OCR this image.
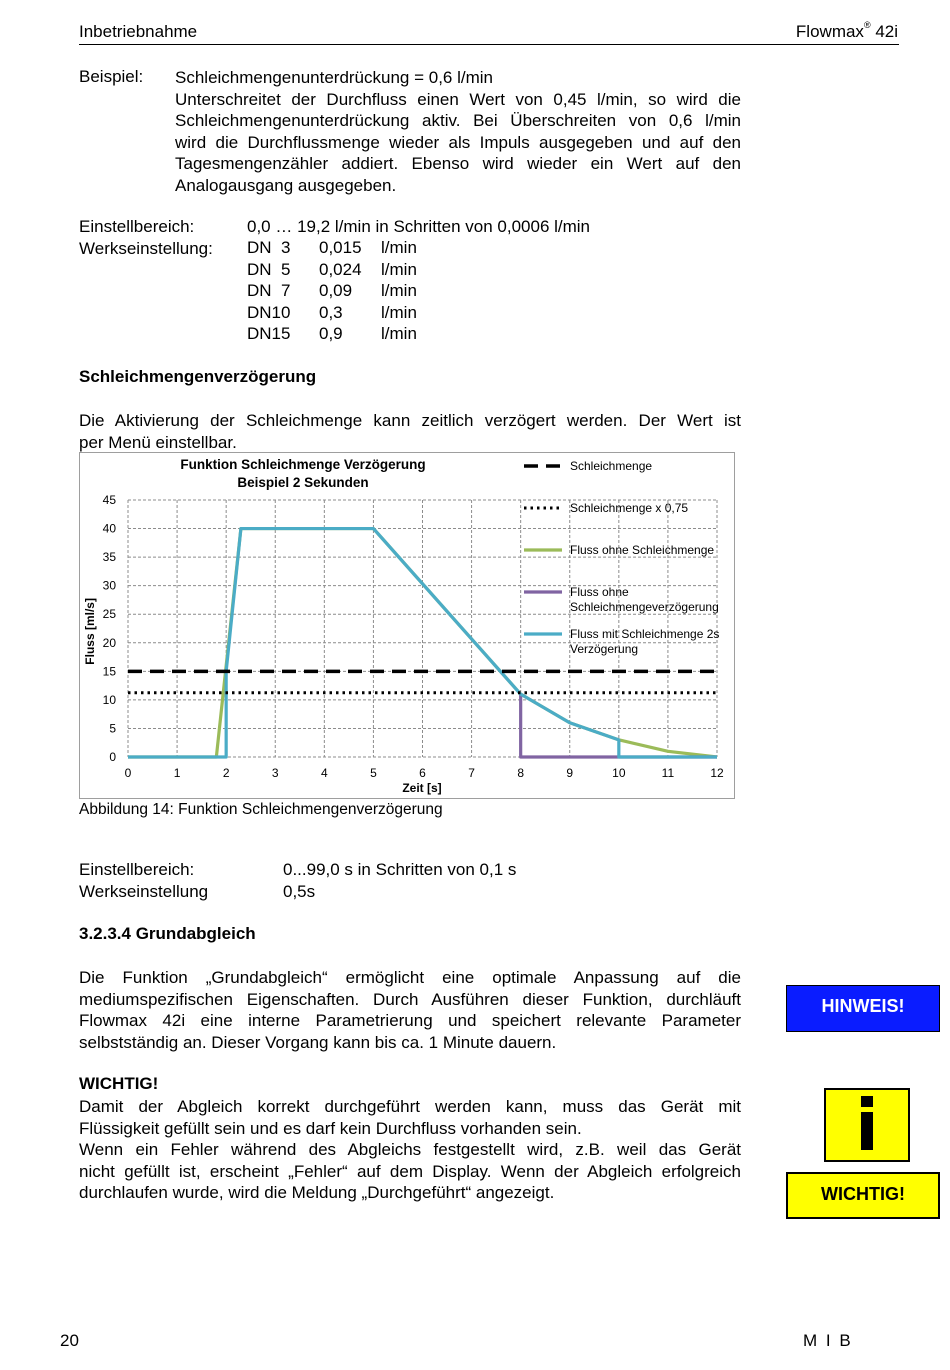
Inbetriebnahme	Flowmax® 42i
Beispiel: Schleichmengenunterdrückung = 0,6 l/min

Unterschreitet der Durchfluss einen Wert von 0,45 l/min, so wird die

Schleichmengenunterdrückung aktiv. Bei Überschreiten von 0,6 l/min

wird die Durchflussmenge wieder als Impuls ausgegeben und auf den

Tagesmengenzähler addiert. Ebenso wird wieder ein Wert auf den

Analogausgang ausgegeben.

Einstellbereich:	0,0 … 19,2 l/min in Schritten von 0,0006 l/min
Werkseinstellung: DN  3	0,015	l/min
DN  5	0,024	l/min
DN  7	0,09	l/min
DN10	0,3	l/min
DN15	0,9	l/min
Schleichmengenverzögerung

Die Aktivierung der Schleichmenge kann zeitlich verzögert werden. Der Wert ist

per Menü einstellbar.

45
40
35
30
25
20
15
10
5
0
0	1	2	3	4	5	6	7	8	9	10	11	12
Funktion Schleichmenge Verzögerung
Beispiel 2 Sekunden
Zeit [s]
Fluss [ml/s]
Schleichmenge
Schleichmenge x 0,75
Fluss ohne Schleichmenge
Fluss ohne
Schleichmengeverzögerung
Fluss mit Schleichmenge 2s
Verzögerung
Abbildung 14: Funktion Schleichmengenverzögerung
Einstellbereich:	0...99,0 s in Schritten von 0,1 s
Werkseinstellung	0,5s
3.2.3.4 Grundabgleich

Die Funktion „Grundabgleich“ ermöglicht eine optimale Anpassung auf die

mediumspezifischen Eigenschaften. Durch Ausführen dieser Funktion, durchläuft

Flowmax 42i eine interne Parametrierung und speichert relevante Parameter

selbstständig an. Dieser Vorgang kann bis ca. 1 Minute dauern.

WICHTIG!

Damit der Abgleich korrekt durchgeführt werden kann, muss das Gerät mit

Flüssigkeit gefüllt sein und es darf kein Durchfluss vorhanden sein.

Wenn ein Fehler während des Abgleichs festgestellt wird, z.B. weil das Gerät

nicht gefüllt ist, erscheint „Fehler“ auf dem Display. Wenn der Abgleich erfolgreich

durchlaufen wurde, wird die Meldung „Durchgeführt“ angezeigt.

HINWEIS!
WICHTIG!
20	M I B
